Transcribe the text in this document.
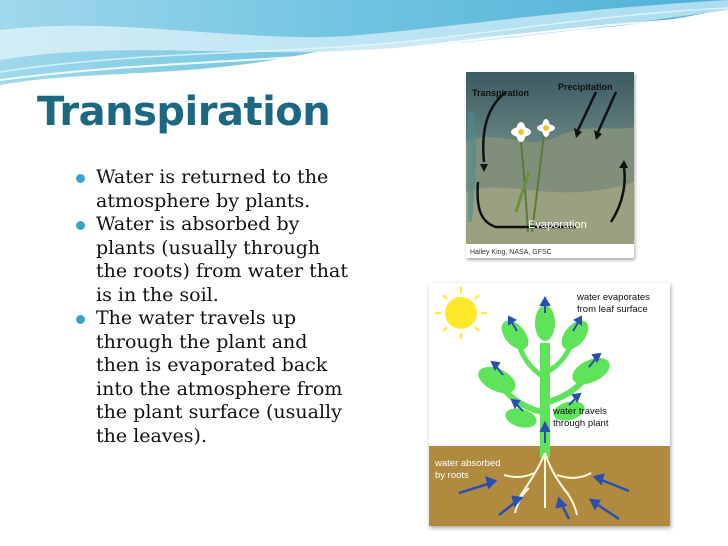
Transpiration
Water is returned to the atmosphere by plants.
Water is absorbed by plants (usually through the roots) from water that is in the soil.
The water travels up through the plant and then is evaporated back into the atmosphere from the plant surface (usually the leaves).
Transpiration
Precipitation
Evaporation
Hailey King, NASA, GFSC
water evaporates
from leaf surface
water travels
through plant
water absorbed
by roots
